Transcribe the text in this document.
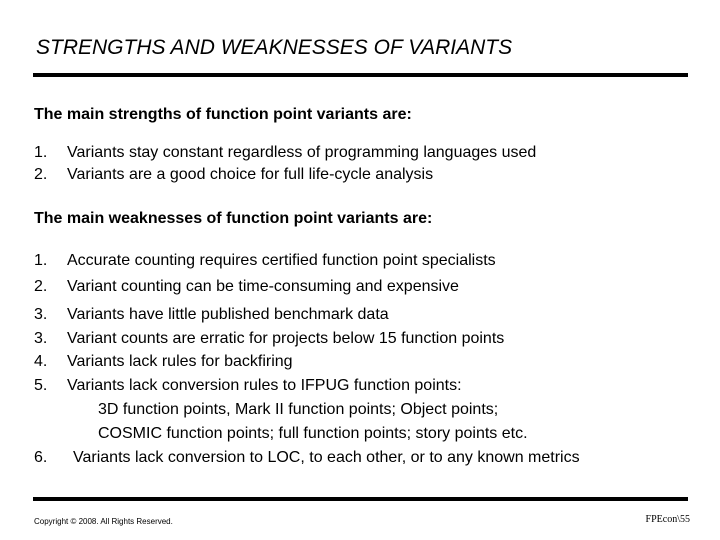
STRENGTHS AND WEAKNESSES OF VARIANTS
The main strengths of function point variants are:
1. Variants stay constant regardless of programming languages used
2. Variants are a good choice for full life-cycle analysis
The main weaknesses of function point variants are:
1. Accurate counting requires certified function point specialists
2. Variant counting can be time-consuming and expensive
3. Variants have little published benchmark data
3. Variant counts are erratic for projects below 15 function points
4. Variants lack rules for backfiring
5. Variants lack conversion rules to IFPUG function points:
3D function points, Mark II function points; Object points;
COSMIC function points; full function points; story points etc.
6. Variants lack conversion to LOC, to each other, or to any known metrics
Copyright © 2008. All Rights Reserved.	FPEcon\55
